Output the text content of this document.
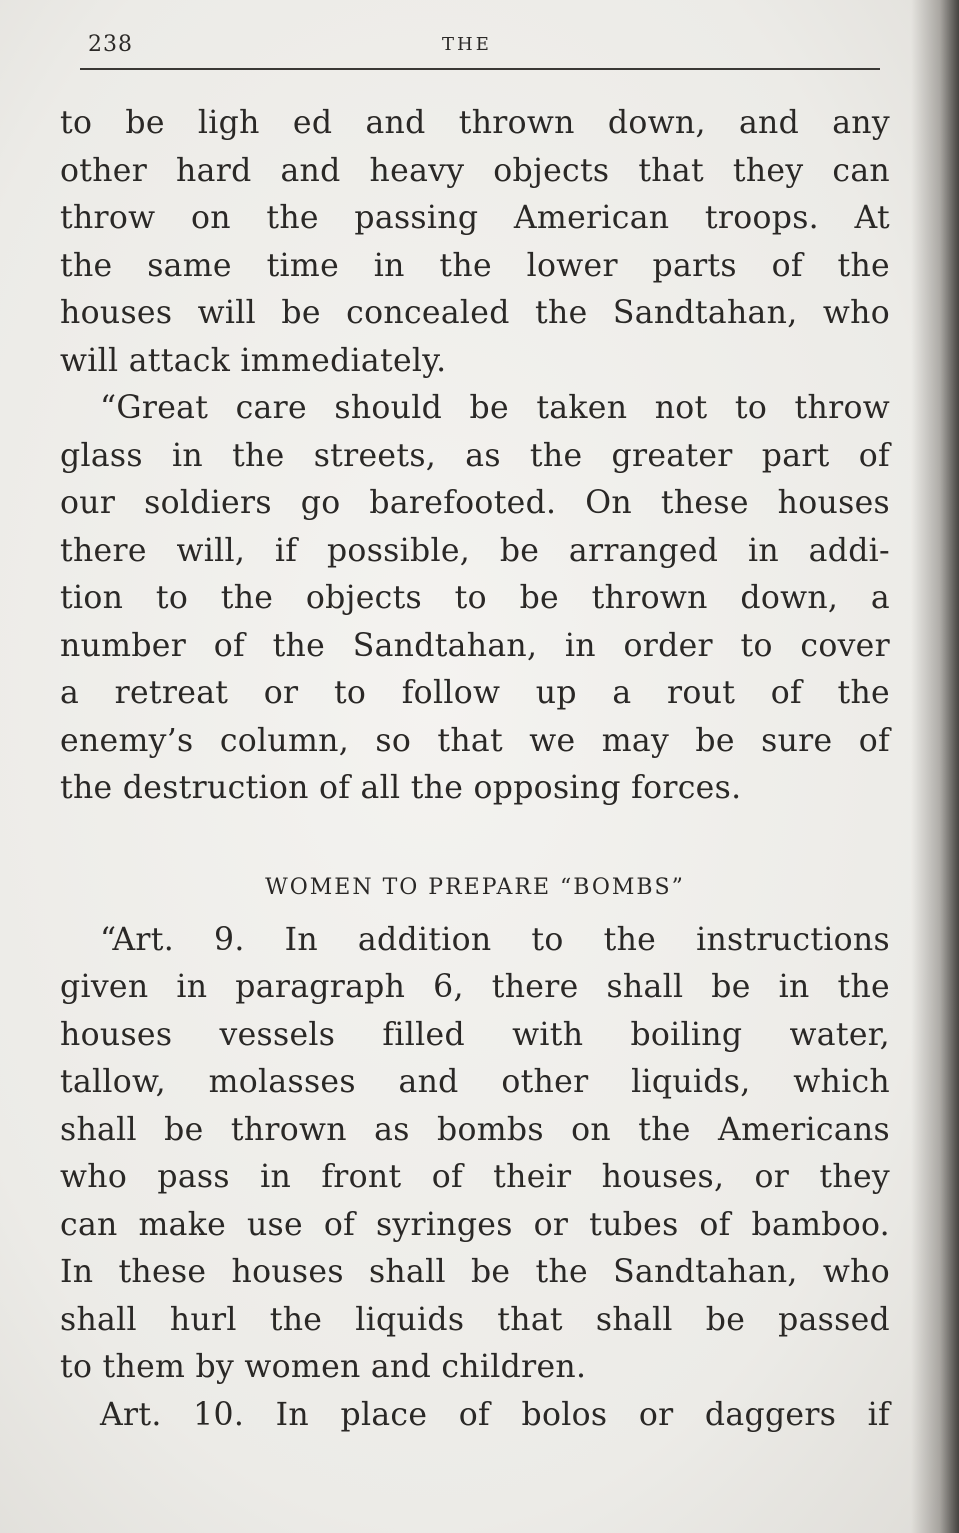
238	THE
to be ligh ed and thrown down, and any
other hard and heavy objects that they can
throw on the passing American troops. At
the same time in the lower parts of the
houses will be concealed the Sandtahan, who
will attack immediately.
“Great care should be taken not to throw
glass in the streets, as the greater part of
our soldiers go barefooted. On these houses
there will, if possible, be arranged in addi-
tion to the objects to be thrown down, a
number of the Sandtahan, in order to cover
a retreat or to follow up a rout of the
enemy’s column, so that we may be sure of
the destruction of all the opposing forces.
WOMEN TO PREPARE “BOMBS”
“Art. 9. In addition to the instructions
given in paragraph 6, there shall be in the
houses vessels filled with boiling water,
tallow, molasses and other liquids, which
shall be thrown as bombs on the Americans
who pass in front of their houses, or they
can make use of syringes or tubes of bamboo.
In these houses shall be the Sandtahan, who
shall hurl the liquids that shall be passed
to them by women and children.
Art. 10. In place of bolos or daggers if
